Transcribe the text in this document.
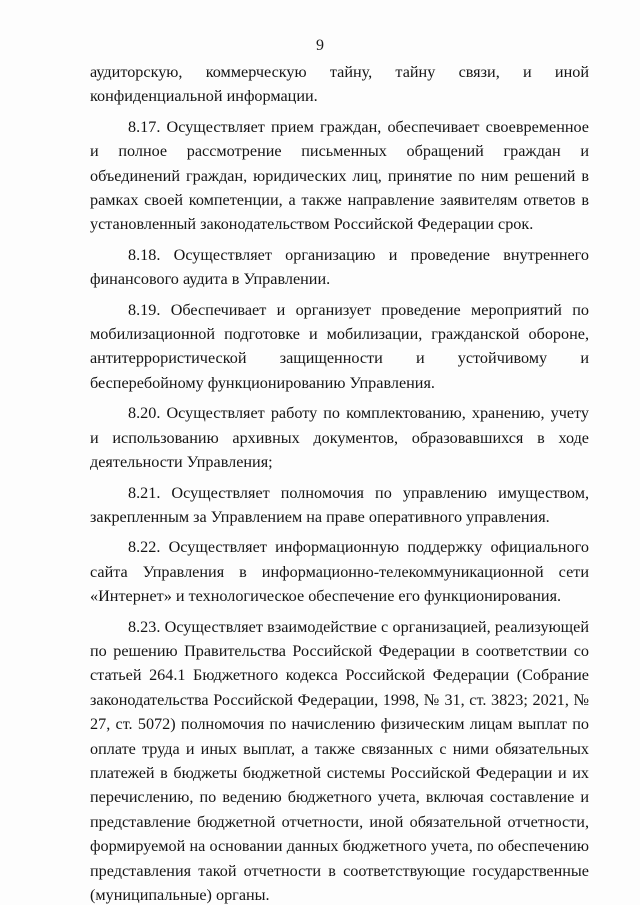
9

аудиторскую, коммерческую тайну, тайну связи, и иной конфиденциальной информации.

8.17. Осуществляет прием граждан, обеспечивает своевременное и полное рассмотрение письменных обращений граждан и объединений граждан, юридических лиц, принятие по ним решений в рамках своей компетенции, а также направление заявителям ответов в установленный законодательством Российской Федерации срок.

8.18. Осуществляет организацию и проведение внутреннего финансового аудита в Управлении.

8.19. Обеспечивает и организует проведение мероприятий по мобилизационной подготовке и мобилизации, гражданской обороне, антитеррористической защищенности и устойчивому и бесперебойному функционированию Управления.

8.20. Осуществляет работу по комплектованию, хранению, учету и использованию архивных документов, образовавшихся в ходе деятельности Управления;

8.21. Осуществляет полномочия по управлению имуществом, закрепленным за Управлением на праве оперативного управления.

8.22. Осуществляет информационную поддержку официального сайта Управления в информационно-телекоммуникационной сети «Интернет» и технологическое обеспечение его функционирования.

8.23. Осуществляет взаимодействие с организацией, реализующей по решению Правительства Российской Федерации в соответствии со статьей 264.1 Бюджетного кодекса Российской Федерации (Собрание законодательства Российской Федерации, 1998, № 31, ст. 3823; 2021, № 27, ст. 5072) полномочия по начислению физическим лицам выплат по оплате труда и иных выплат, а также связанных с ними обязательных платежей в бюджеты бюджетной системы Российской Федерации и их перечислению, по ведению бюджетного учета, включая составление и представление бюджетной отчетности, иной обязательной отчетности, формируемой на основании данных бюджетного учета, по обеспечению представления такой отчетности в соответствующие государственные (муниципальные) органы.
